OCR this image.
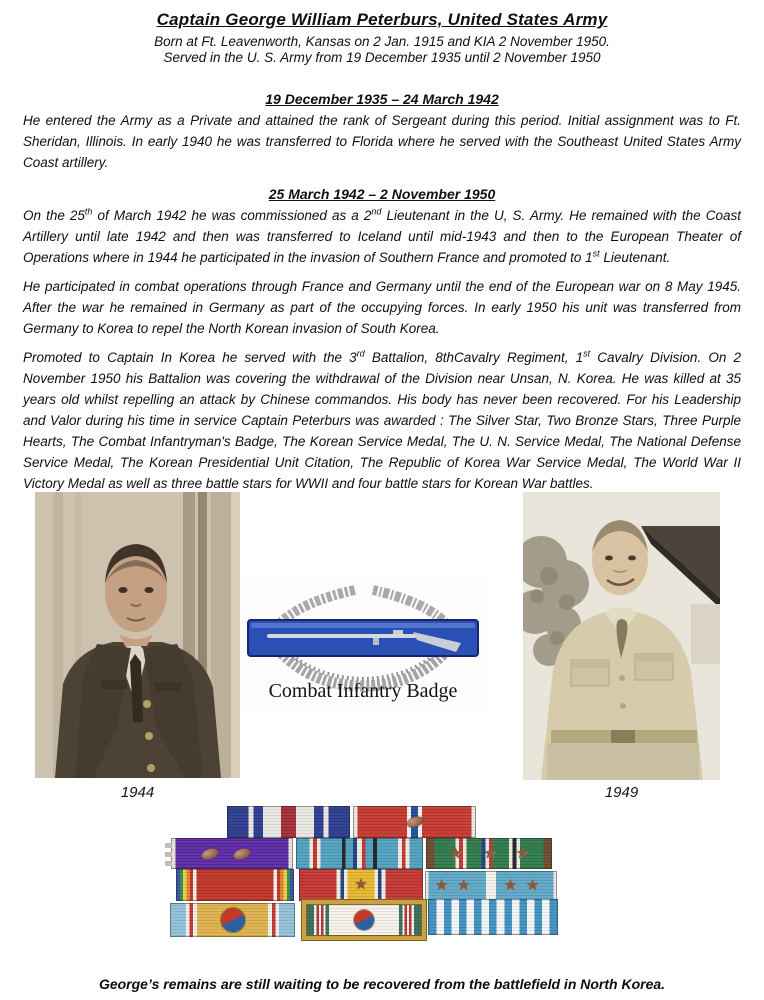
Captain George William Peterburs, United States Army
Born at Ft. Leavenworth, Kansas on 2 Jan. 1915 and KIA 2 November 1950.
Served in the U. S. Army from 19 December 1935 until 2 November 1950
19 December 1935 – 24 March 1942

He entered the Army as a Private and attained the rank of Sergeant during this period. Initial assignment was to Ft. Sheridan, Illinois. In early 1940 he was transferred to Florida where he served with the Southeast United States Army Coast artillery.

25 March 1942 – 2 November 1950

On the 25th of March 1942 he was commissioned as a 2nd Lieutenant in the U, S. Army. He remained with the Coast Artillery until late 1942 and then was transferred to Iceland until mid-1943 and then to the European Theater of Operations where in 1944 he participated in the invasion of Southern France and promoted to 1st Lieutenant.

He participated in combat operations through France and Germany until the end of the European war on 8 May 1945. After the war he remained in Germany as part of the occupying forces. In early 1950 his unit was transferred from Germany to Korea to repel the North Korean invasion of South Korea.

Promoted to Captain In Korea he served with the 3rd Battalion, 8thCavalry Regiment, 1st Cavalry Division. On 2 November 1950 his Battalion was covering the withdrawal of the Division near Unsan, N. Korea. He was killed at 35 years old whilst repelling an attack by Chinese commandos. His body has never been recovered. For his Leadership and Valor during his time in service Captain Peterburs was awarded : The Silver Star, Two Bronze Stars, Three Purple Hearts, The Combat Infantryman's Badge, The Korean Service Medal, The U. N. Service Medal, The National Defense Service Medal, The Korean Presidential Unit Citation, The Republic of Korea War Service Medal, The World War II Victory Medal as well as three battle stars for WWII and four battle stars for Korean War battles.

1944
Combat Infantry Badge
1949
★
★
★
★
★
★
★
★
George’s remains are still waiting to be recovered from the battlefield in North Korea.
